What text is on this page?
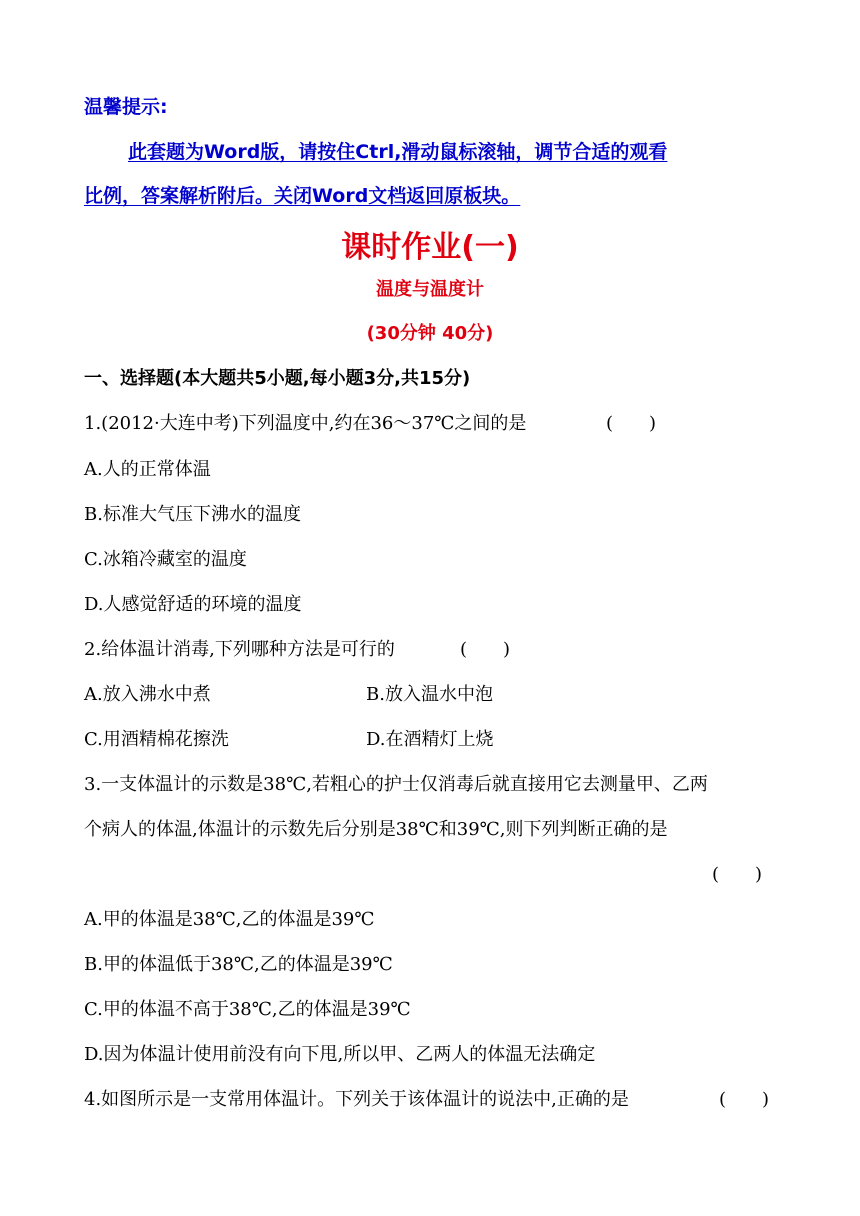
温馨提示:
此套题为Word版，请按住Ctrl,滑动鼠标滚轴，调节合适的观看
比例，答案解析附后。关闭Word文档返回原板块。
课时作业(一)
温度与温度计
(30分钟 40分)
一、选择题(本大题共5小题,每小题3分,共15分)
1.(2012·大连中考)下列温度中,约在36～37℃之间的是	(　　)
A.人的正常体温
B.标准大气压下沸水的温度
C.冰箱冷藏室的温度
D.人感觉舒适的环境的温度
2.给体温计消毒,下列哪种方法是可行的	(　　)
A.放入沸水中煮	B.放入温水中泡
C.用酒精棉花擦洗	D.在酒精灯上烧
3.一支体温计的示数是38℃,若粗心的护士仅消毒后就直接用它去测量甲、乙两
个病人的体温,体温计的示数先后分别是38℃和39℃,则下列判断正确的是
(　　)
A.甲的体温是38℃,乙的体温是39℃
B.甲的体温低于38℃,乙的体温是39℃
C.甲的体温不高于38℃,乙的体温是39℃
D.因为体温计使用前没有向下甩,所以甲、乙两人的体温无法确定
4.如图所示是一支常用体温计。下列关于该体温计的说法中,正确的是	(　　)
